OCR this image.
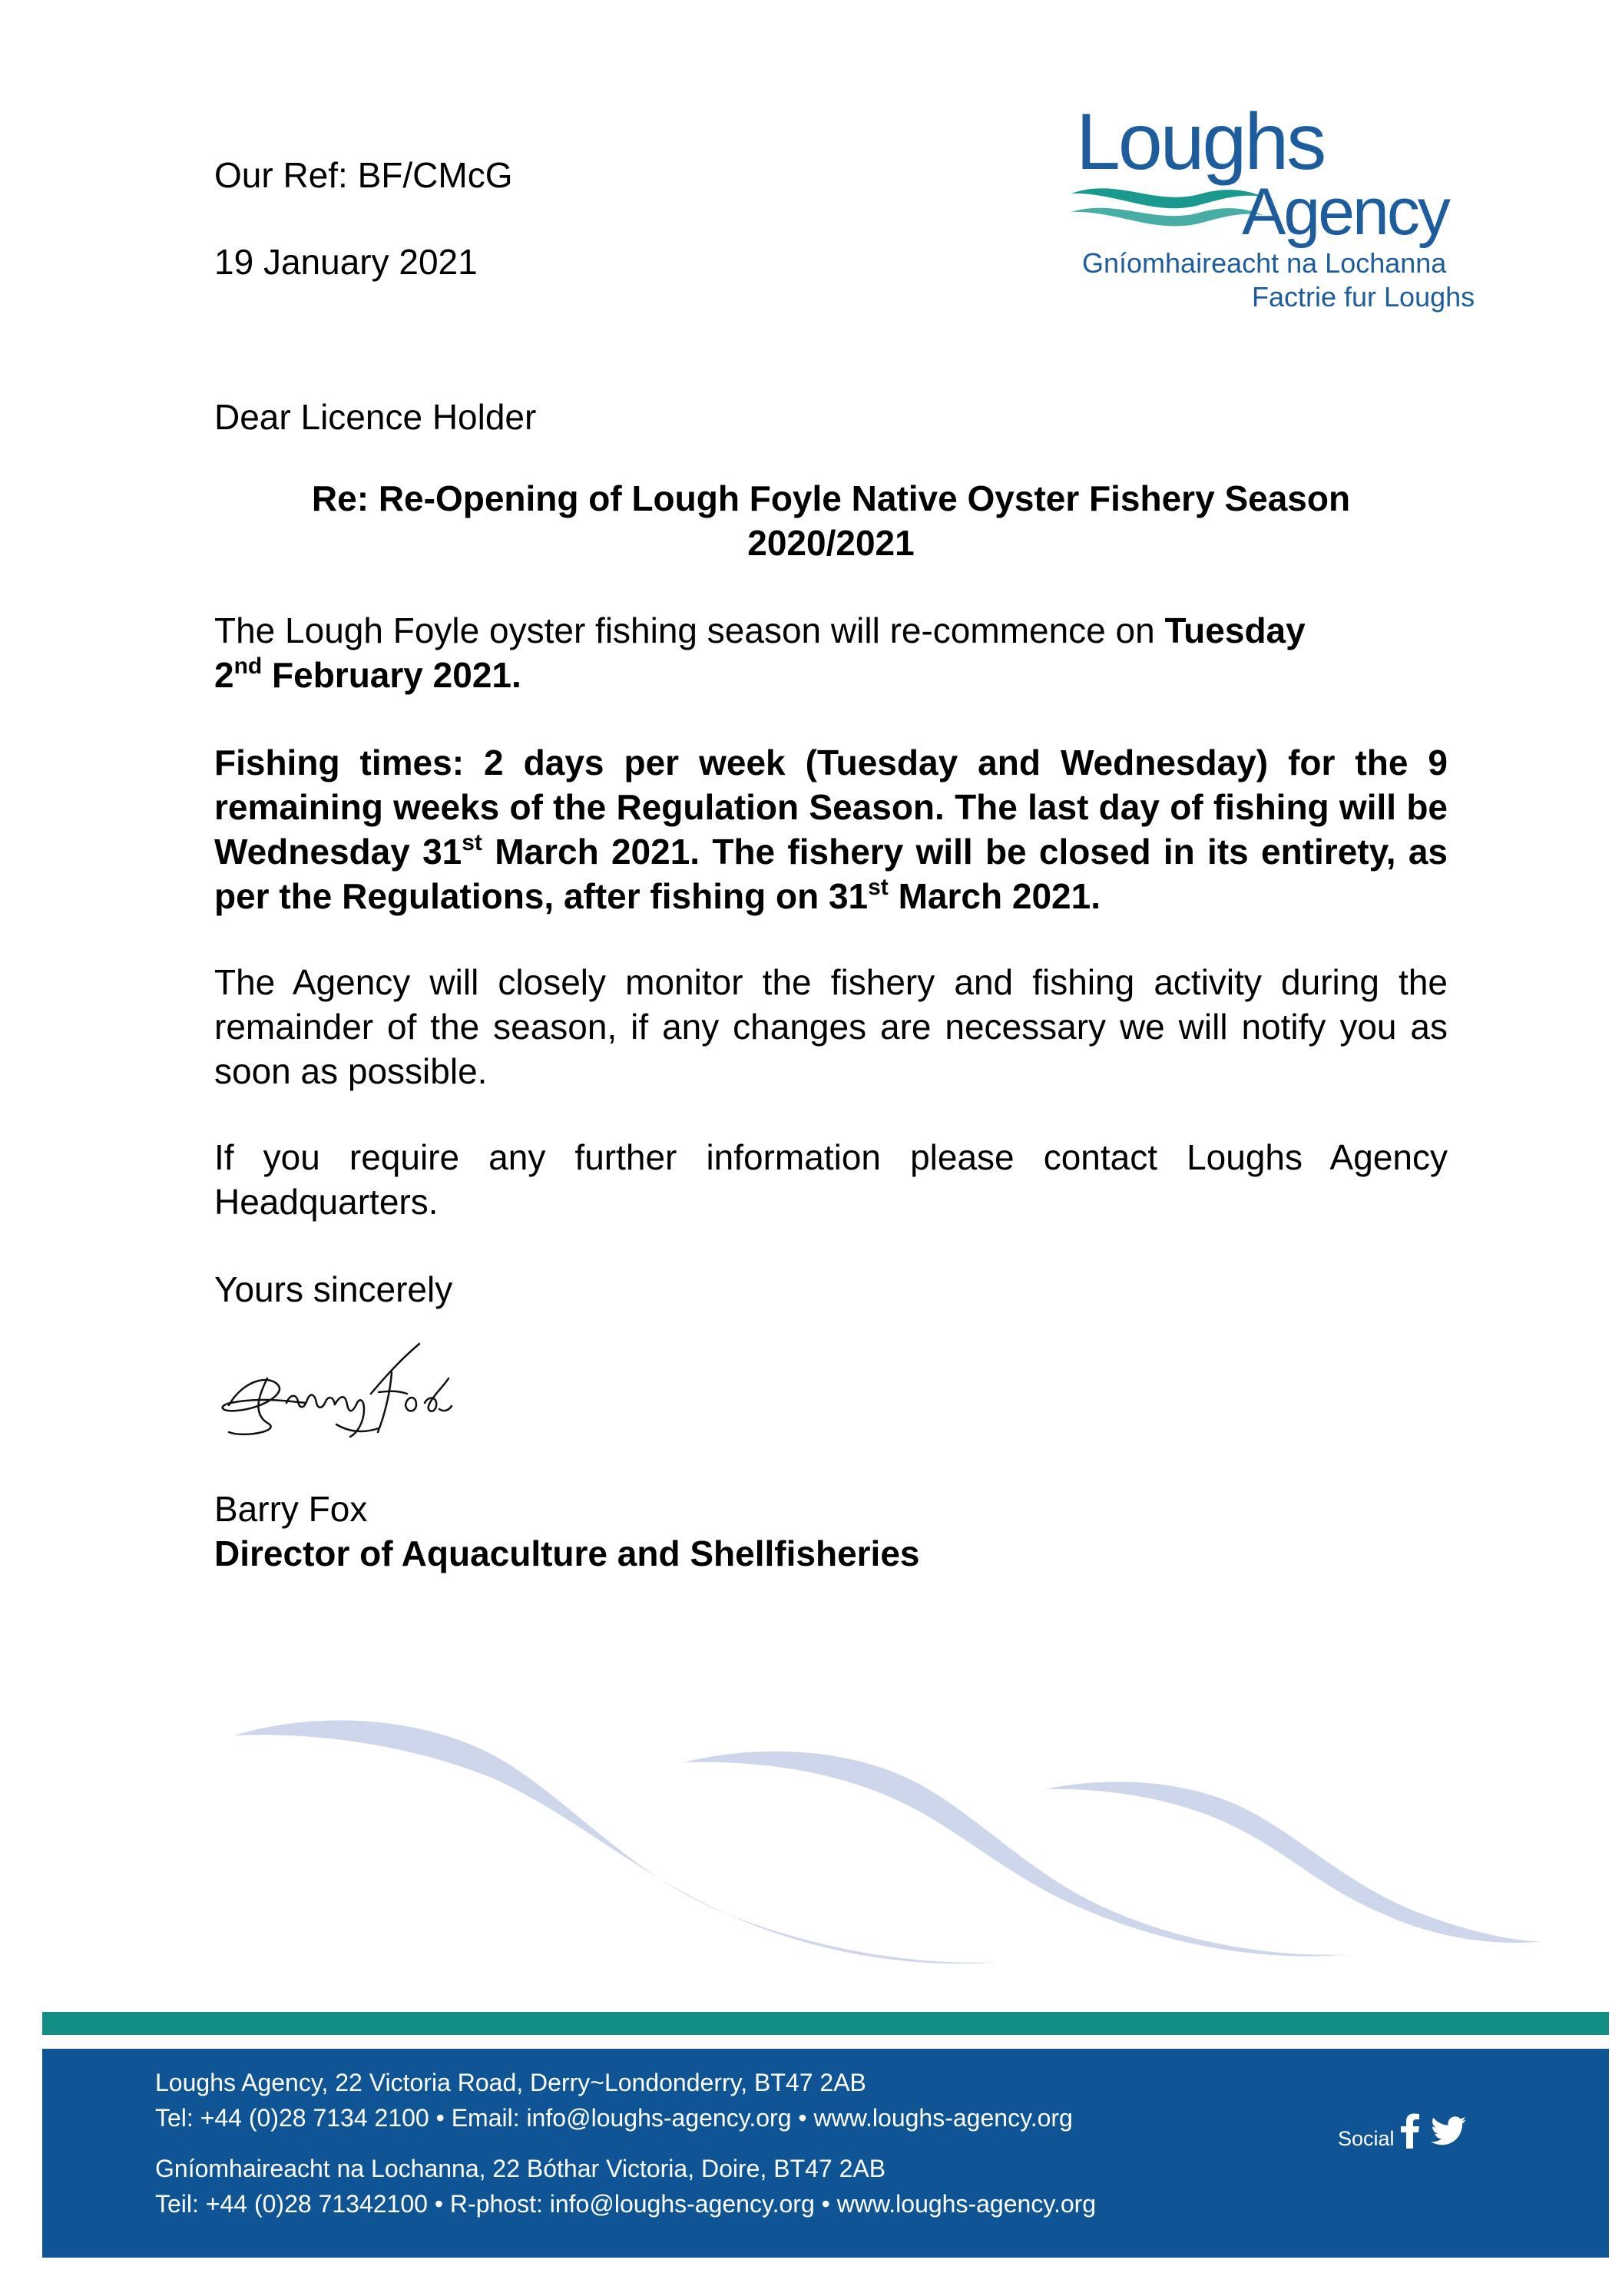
Our Ref: BF/CMcG

19 January 2021

Loughs
Agency
Gníomhaireacht na Lochanna
Factrie fur Loughs

Dear Licence Holder

Re: Re-Opening of Lough Foyle Native Oyster Fishery Season
2020/2021

The Lough Foyle oyster fishing season will re-commence on Tuesday
2nd February 2021.

Fishing times: 2 days per week (Tuesday and Wednesday) for the 9 remaining weeks of the Regulation Season. The last day of fishing will be Wednesday 31st March 2021. The fishery will be closed in its entirety, as per the Regulations, after fishing on 31st March 2021.

The Agency will closely monitor the fishery and fishing activity during the remainder of the season, if any changes are necessary we will notify you as soon as possible.

If you require any further information please contact Loughs Agency Headquarters.

Yours sincerely

Barry Fox

Director of Aquaculture and Shellfisheries

Loughs Agency, 22 Victoria Road, Derry~Londonderry, BT47 2AB
Tel: +44 (0)28 7134 2100 • Email: info@loughs-agency.org • www.loughs-agency.org
Gníomhaireacht na Lochanna, 22 Bóthar Victoria, Doire, BT47 2AB
Teil: +44 (0)28 71342100 • R-phost: info@loughs-agency.org • www.loughs-agency.org
Social
